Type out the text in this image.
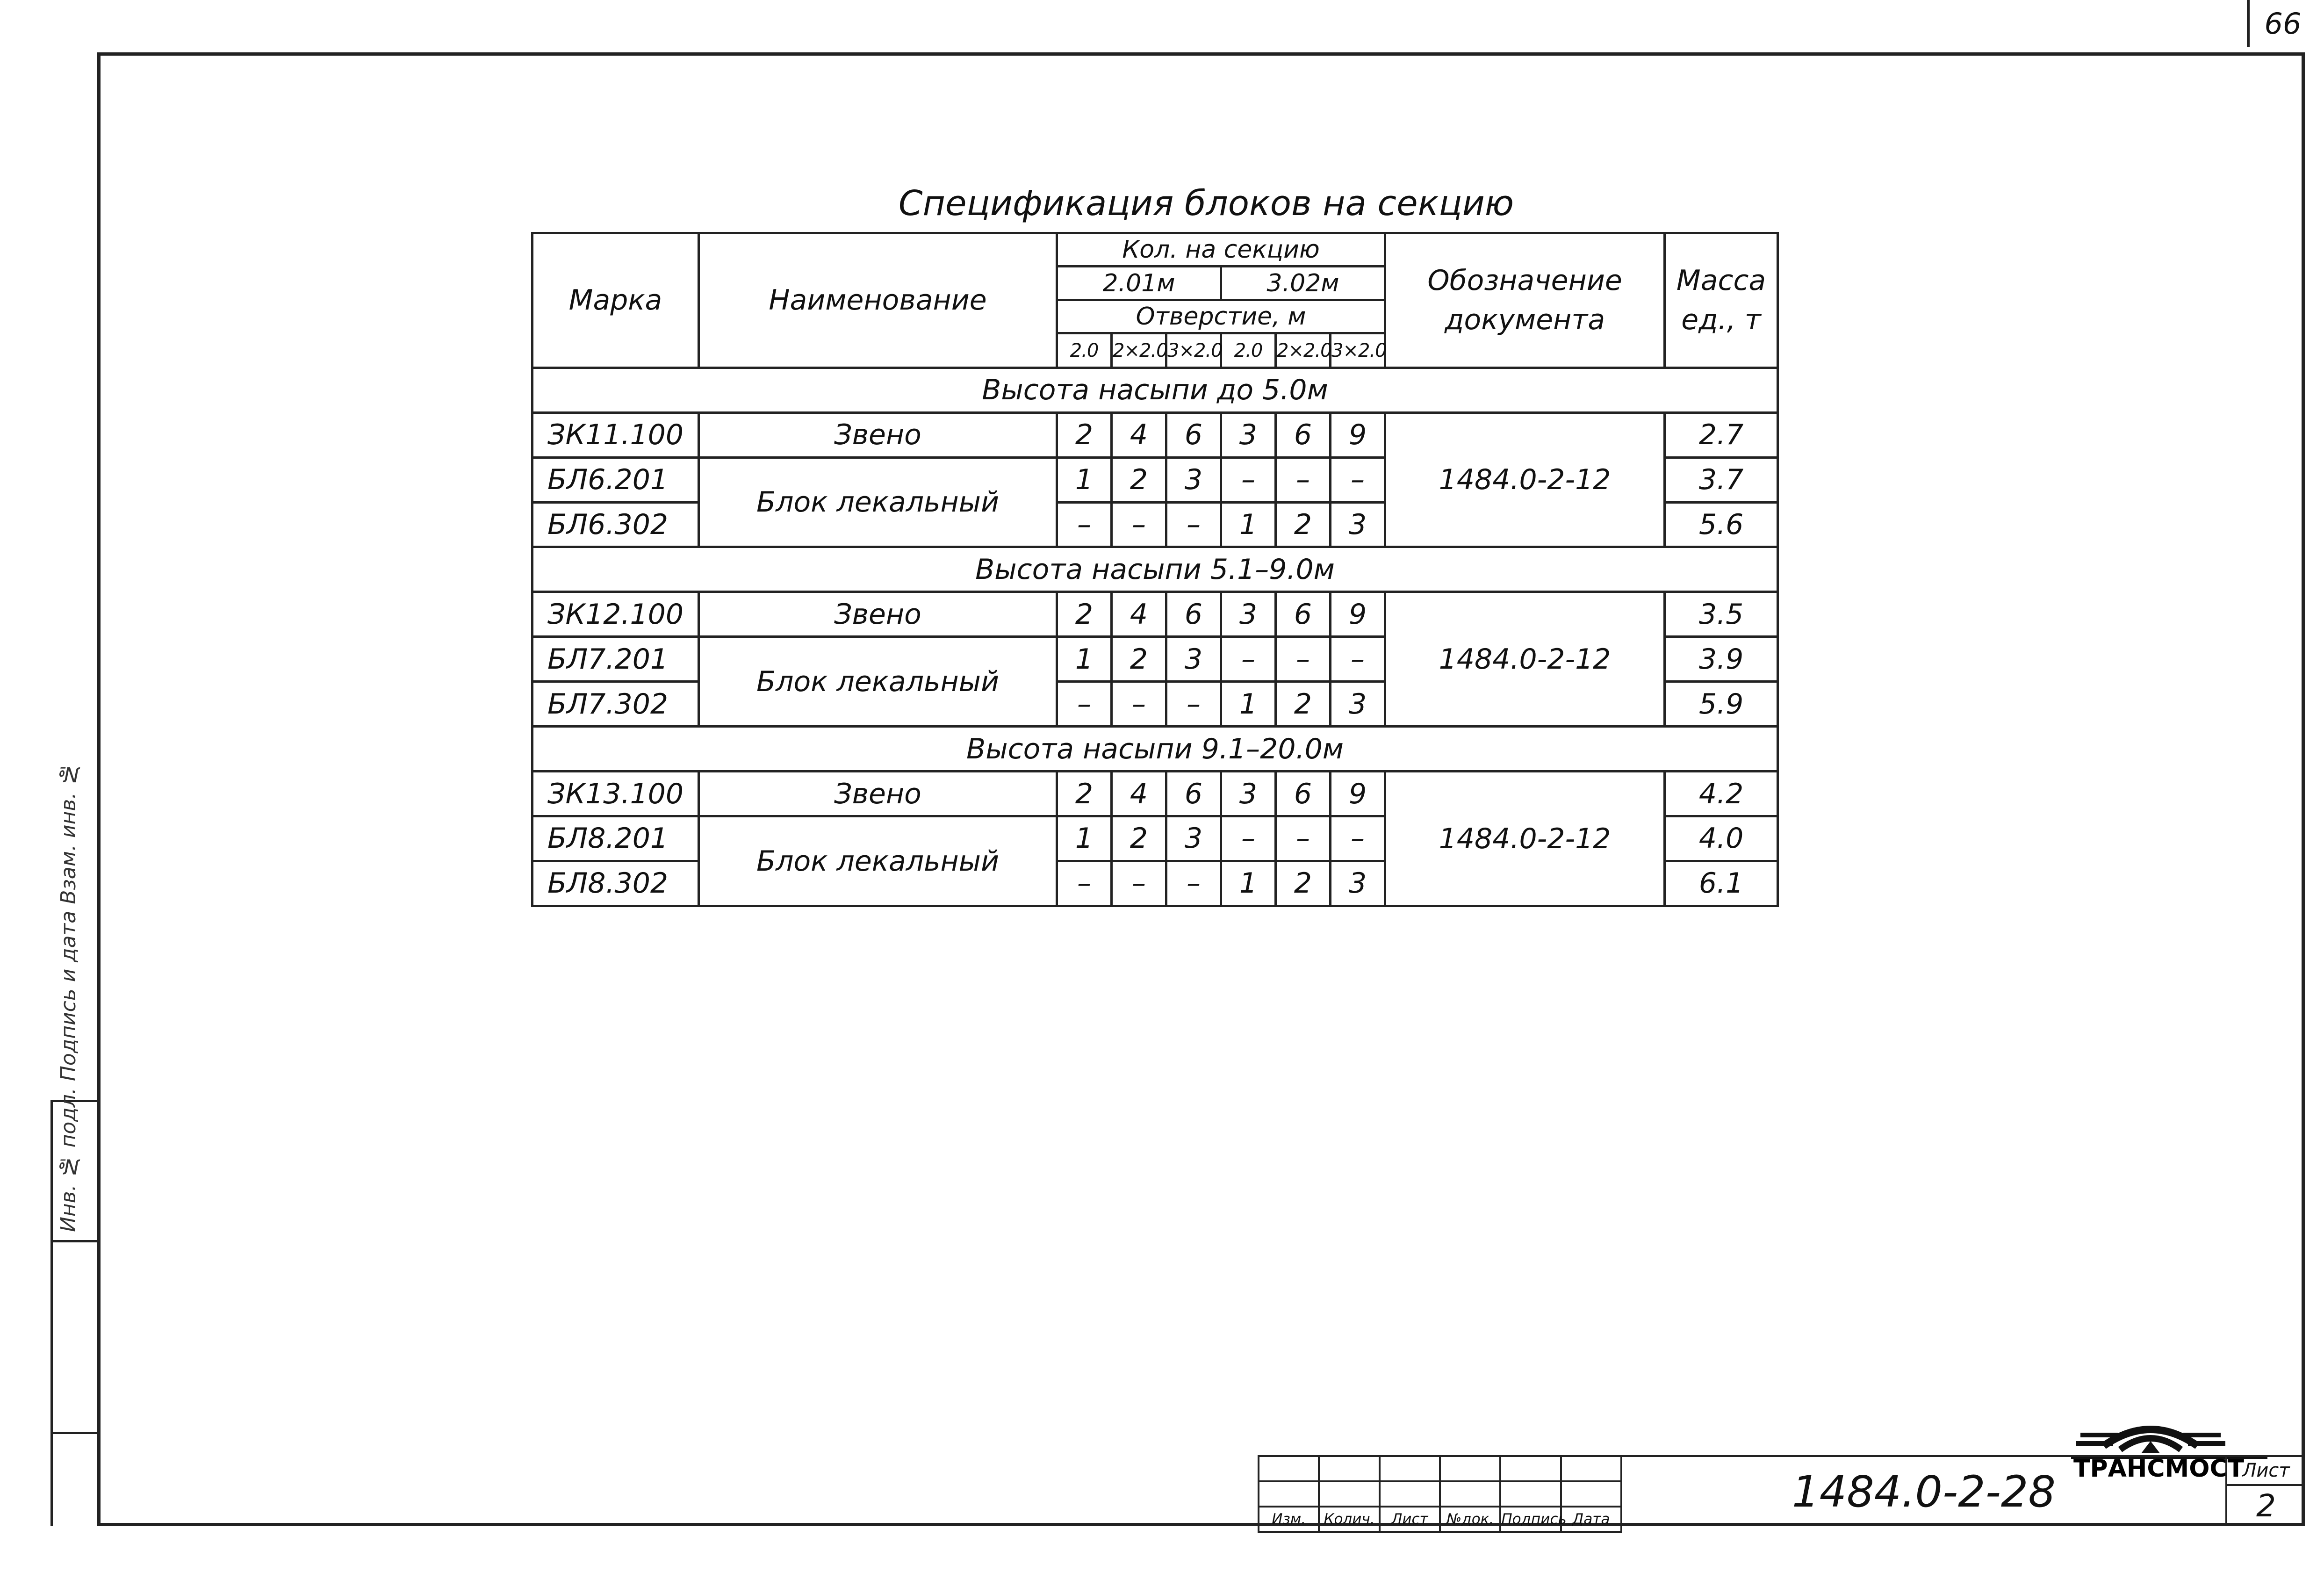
66
Инв. № подл. Подпись и дата Взам. инв. №
Спецификация блоков на секцию
Марка	Наименование	Кол. на секцию						Обозначение документа	Масса ед., т
		2.01м			3.02м				
		Отверстие, м							
		2.0	2×2.0	3×2.0	2.0	2×2.0	3×2.0		
Высота насыпи до 5.0м									
ЗК11.100	Звено	2	4	6	3	6	9	1484.0-2-12	2.7
БЛ6.201	Блок лекальный	1	2	3	–	–	–		3.7
БЛ6.302		–	–	–	1	2	3		5.6
Высота насыпи 5.1–9.0м									
ЗК12.100	Звено	2	4	6	3	6	9	1484.0-2-12	3.5
БЛ7.201	Блок лекальный	1	2	3	–	–	–		3.9
БЛ7.302		–	–	–	1	2	3		5.9
Высота насыпи 9.1–20.0м									
ЗК13.100	Звено	2	4	6	3	6	9	1484.0-2-12	4.2
БЛ8.201	Блок лекальный	1	2	3	–	–	–		4.0
БЛ8.302		–	–	–	1	2	3		6.1
ТРАНСМОСТ

Изм.	Колич.	Лист	№док.	Подпись	Дата
1484.0-2-28	Лист
2
